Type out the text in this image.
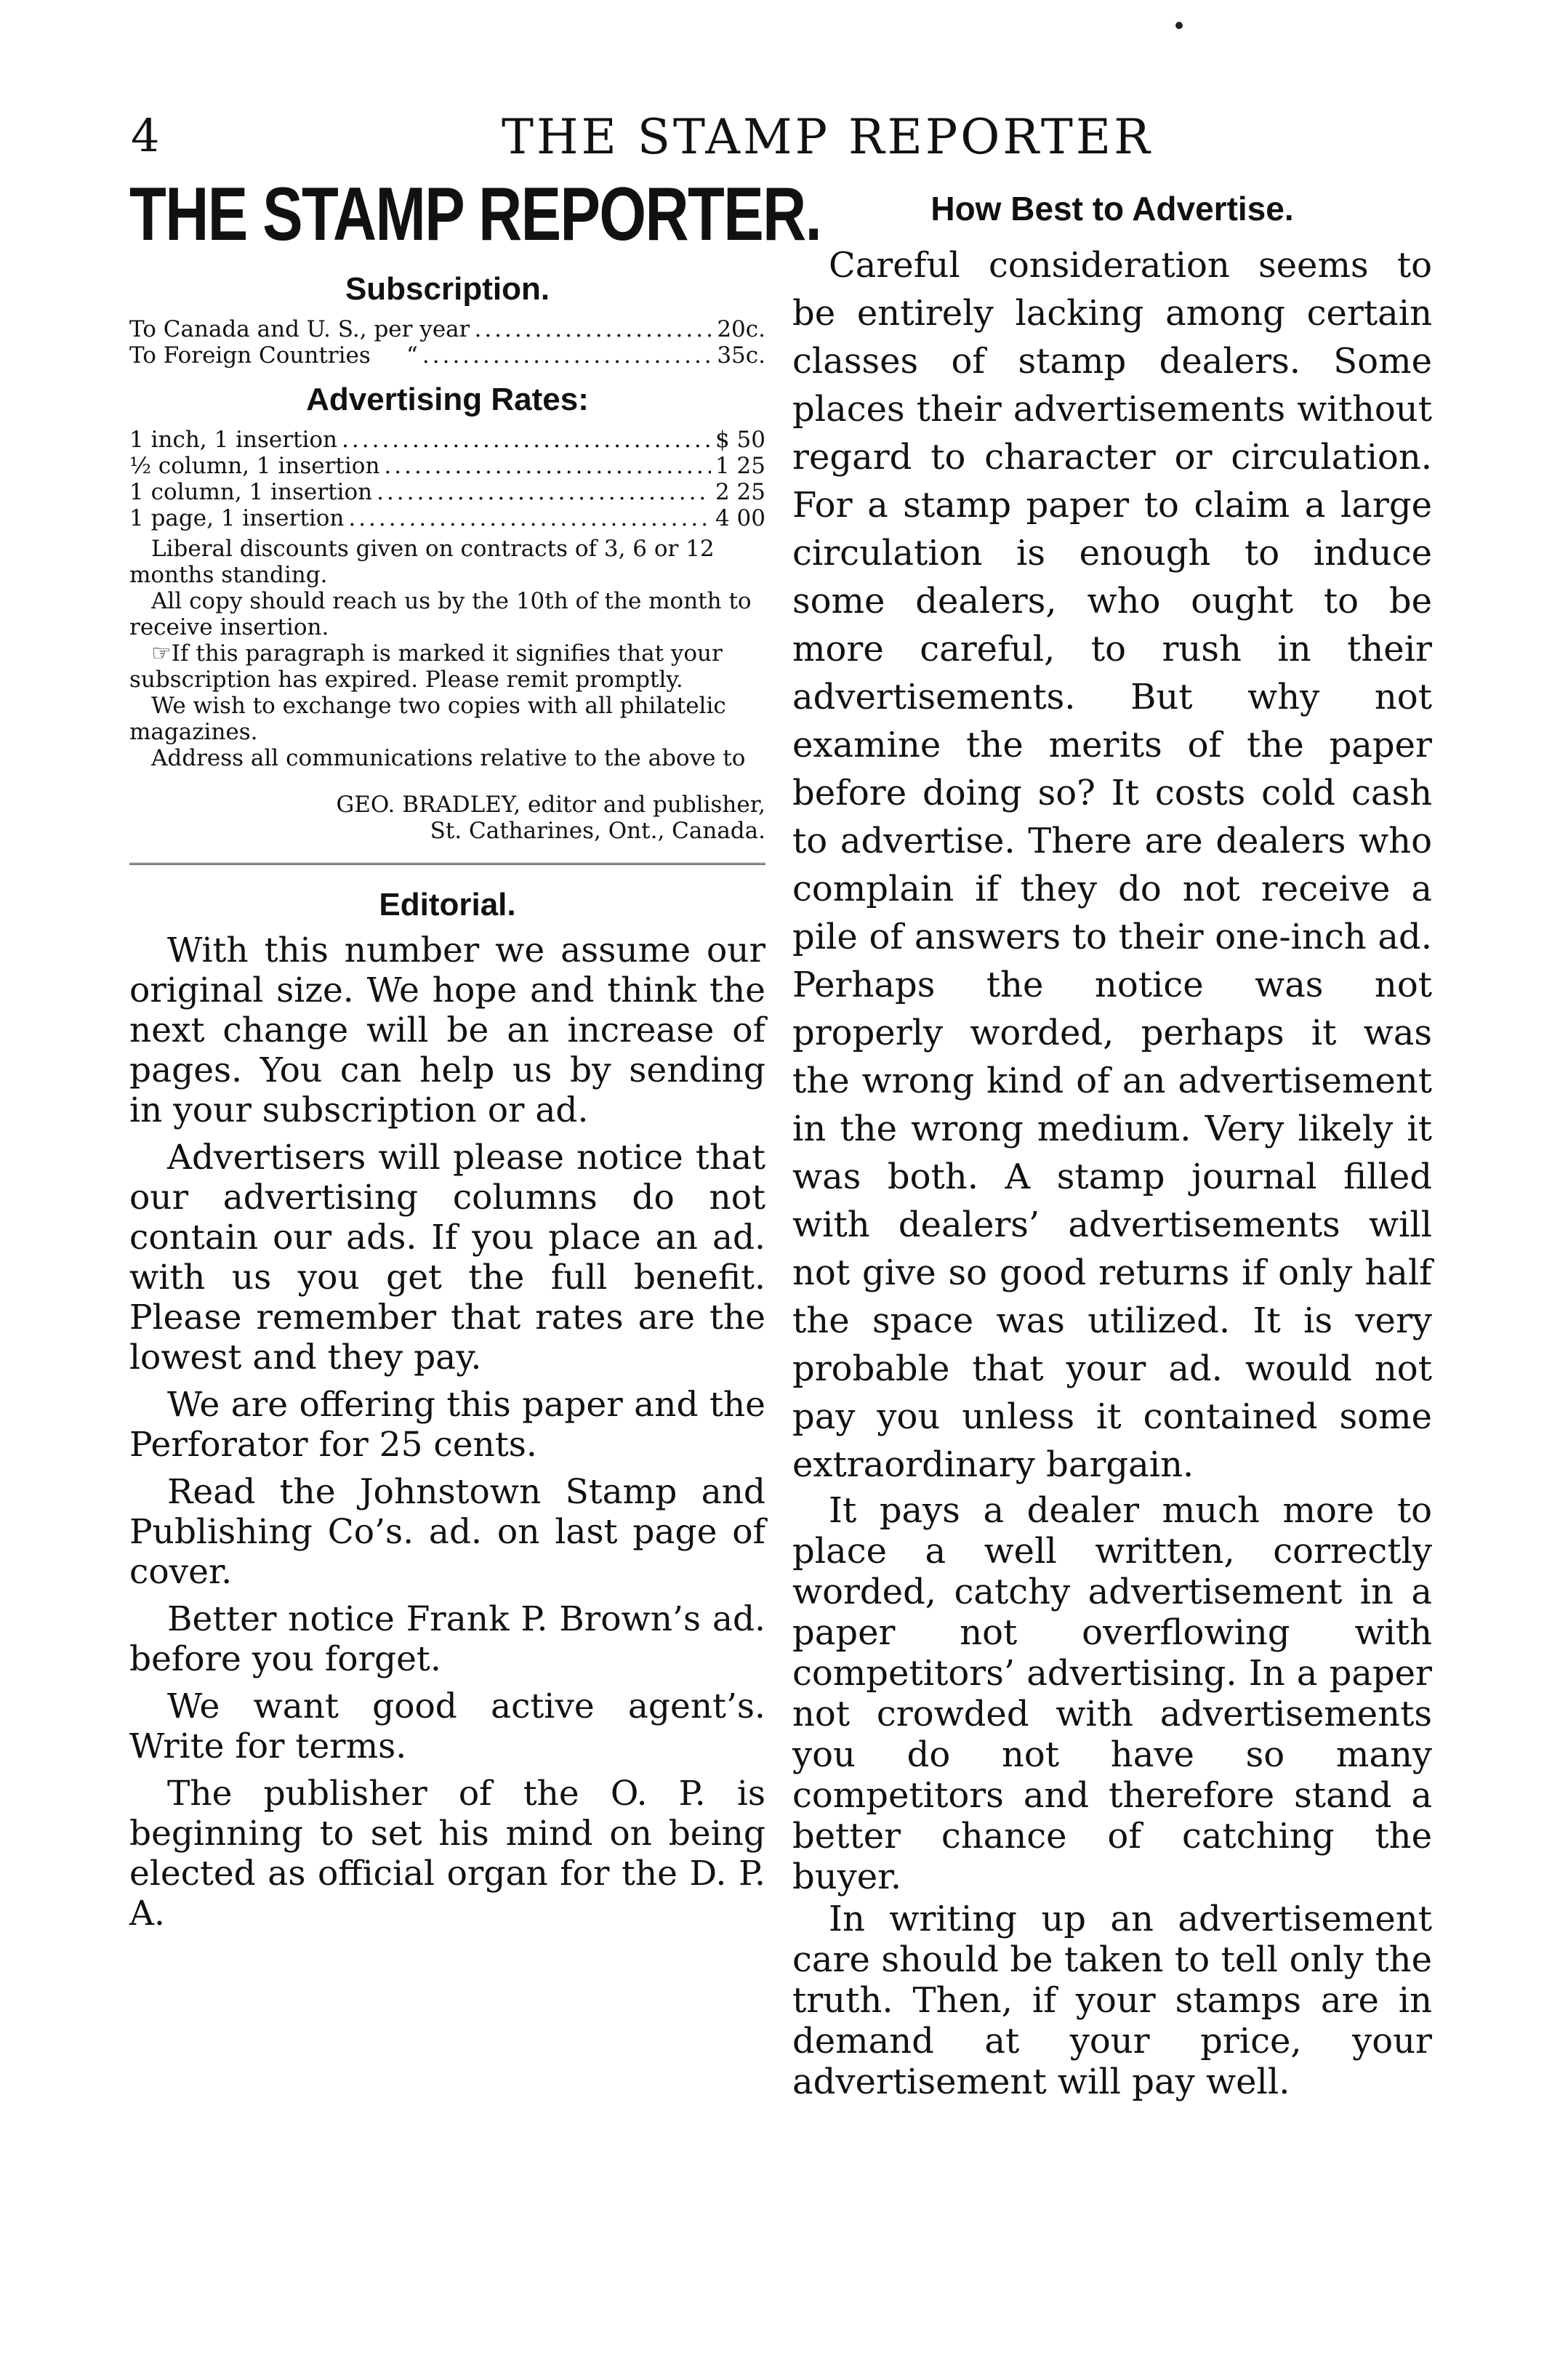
4	THE STAMP REPORTER
THE STAMP REPORTER.
Subscription.
To Canada and U. S., per year .....	20c.
To Foreign Countries     “ .....	35c.
Advertising Rates:
1 inch, 1 insertion .....	$ 50
½ column, 1 insertion .....	1 25
1 column, 1 insertion .....	2 25
1 page, 1 insertion .....	4 00

Liberal discounts given on contracts of 3, 6 or 12 months standing.

All copy should reach us by the 10th of the month to receive insertion.

☞If this paragraph is marked it signifies that your subscription has expired. Please remit promptly.

We wish to exchange two copies with all philatelic magazines.

Address all communications relative to the above to

GEO. BRADLEY, editor and publisher,
St. Catharines, Ont., Canada.
Editorial.

With this number we assume our original size. We hope and think the next change will be an increase of pages. You can help us by sending in your subscription or ad.

Advertisers will please notice that our advertising columns do not contain our ads. If you place an ad. with us you get the full benefit. Please remember that rates are the lowest and they pay.

We are offering this paper and the Perforator for 25 cents.

Read the Johnstown Stamp and Publishing Co’s. ad. on last page of cover.

Better notice Frank P. Brown’s ad. before you forget.

We want good active agent’s. Write for terms.

The publisher of the O. P. is beginning to set his mind on being elected as official organ for the D. P. A.

How Best to Advertise.

Careful consideration seems to be entirely lacking among certain classes of stamp dealers. Some places their advertisements without regard to character or circulation. For a stamp paper to claim a large circulation is enough to induce some dealers, who ought to be more careful, to rush in their advertisements. But why not examine the merits of the paper before doing so? It costs cold cash to advertise. There are dealers who complain if they do not receive a pile of answers to their one-inch ad. Perhaps the notice was not properly worded, perhaps it was the wrong kind of an advertisement in the wrong medium. Very likely it was both. A stamp journal filled with dealers’ advertisements will not give so good returns if only half the space was utilized. It is very probable that your ad. would not pay you unless it contained some extraordinary bargain.

It pays a dealer much more to place a well written, correctly worded, catchy advertisement in a paper not overflowing with competitors’ advertising. In a paper not crowded with advertisements you do not have so many competitors and therefore stand a better chance of catching the buyer.

In writing up an advertisement care should be taken to tell only the truth. Then, if your stamps are in demand at your price, your advertisement will pay well.
